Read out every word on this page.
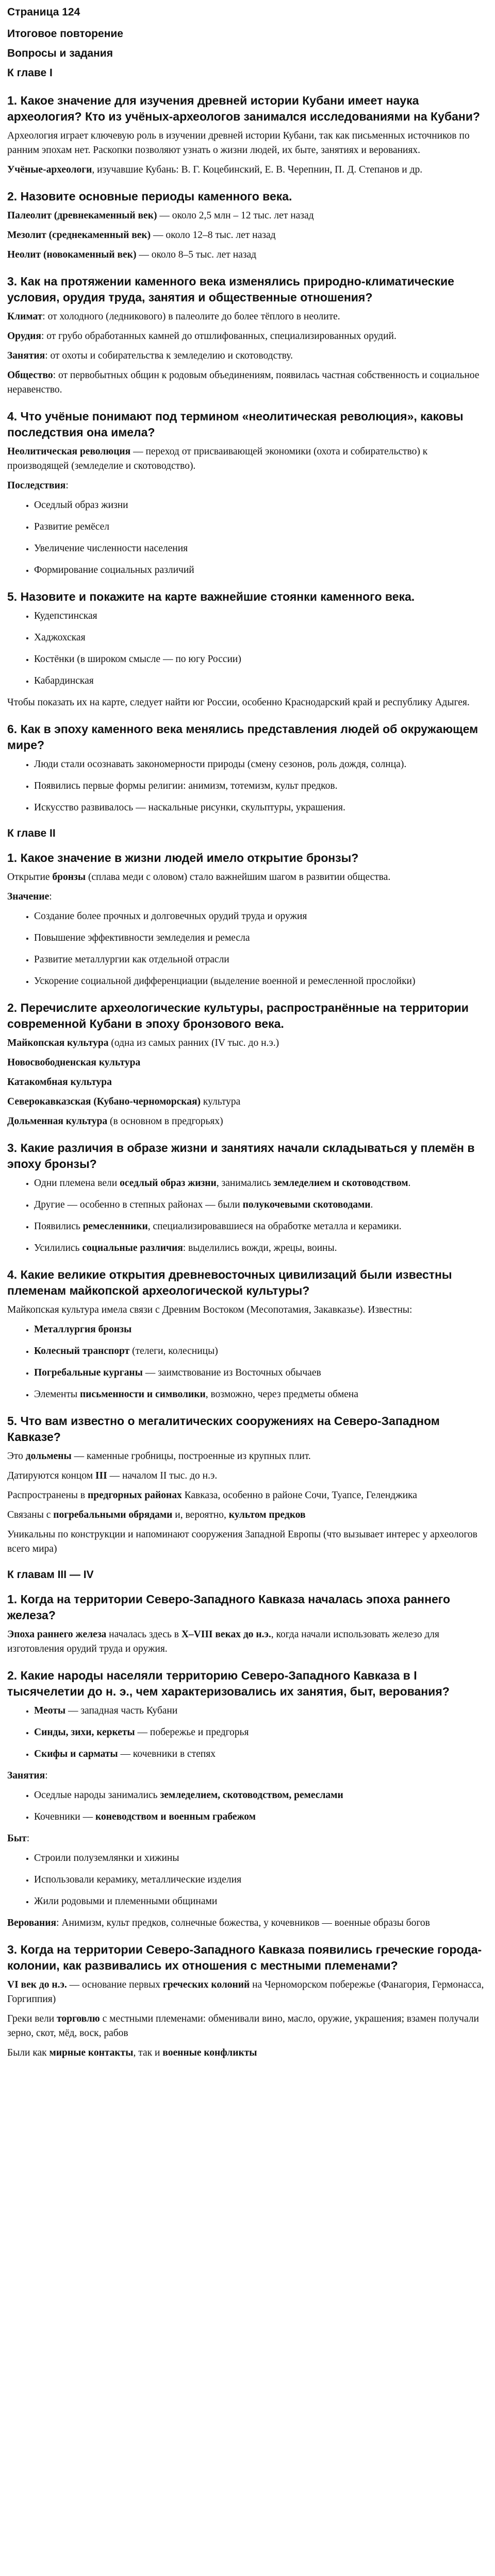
Страница 124
Итоговое повторение
Вопросы и задания
К главе I
1. Какое значение для изучения древней истории Кубани имеет наука археология? Кто из учёных-археологов занимался исследованиями на Кубани?

Археология играет ключевую роль в изучении древней истории Кубани, так как письменных источников по ранним эпохам нет. Раскопки позволяют узнать о жизни людей, их быте, занятиях и верованиях.

Учёные-археологи, изучавшие Кубань: В. Г. Коцебинский, Е. В. Черепнин, П. Д. Степанов и др.

2. Назовите основные периоды каменного века.

Палеолит (древнекаменный век) — около 2,5 млн – 12 тыс. лет назад

Мезолит (среднекаменный век) — около 12–8 тыс. лет назад

Неолит (новокаменный век) — около 8–5 тыс. лет назад

3. Как на протяжении каменного века изменялись природно-климатические условия, орудия труда, занятия и общественные отношения?

Климат: от холодного (ледникового) в палеолите до более тёплого в неолите.

Орудия: от грубо обработанных камней до отшлифованных, специализированных орудий.

Занятия: от охоты и собирательства к земледелию и скотоводству.

Общество: от первобытных общин к родовым объединениям, появилась частная собственность и социальное неравенство.

4. Что учёные понимают под термином «неолитическая революция», каковы последствия она имела?

Неолитическая революция — переход от присваивающей экономики (охота и собирательство) к производящей (земледелие и скотоводство).

Последствия:

• Оседлый образ жизни
• Развитие ремёсел
• Увеличение численности населения
• Формирование социальных различий
5. Назовите и покажите на карте важнейшие стоянки каменного века.
• Кудепстинская
• Хаджохская
• Костёнки (в широком смысле — по югу России)
• Кабардинская

Чтобы показать их на карте, следует найти юг России, особенно Краснодарский край и республику Адыгея.

6. Как в эпоху каменного века менялись представления людей об окружающем мире?
• Люди стали осознавать закономерности природы (смену сезонов, роль дождя, солнца).
• Появились первые формы религии: анимизм, тотемизм, культ предков.
• Искусство развивалось — наскальные рисунки, скульптуры, украшения.
К главе II
1. Какое значение в жизни людей имело открытие бронзы?

Открытие бронзы (сплава меди с оловом) стало важнейшим шагом в развитии общества.

Значение:

• Создание более прочных и долговечных орудий труда и оружия
• Повышение эффективности земледелия и ремесла
• Развитие металлургии как отдельной отрасли
• Ускорение социальной дифференциации (выделение военной и ремесленной прослойки)
2. Перечислите археологические культуры, распространённые на территории современной Кубани в эпоху бронзового века.

Майкопская культура (одна из самых ранних (IV тыс. до н.э.)

Новосвободненская культура

Катакомбная культура

Северокавказская (Кубано-черноморская) культура

Дольменная культура (в основном в предгорьях)

3. Какие различия в образе жизни и занятиях начали складываться у племён в эпоху бронзы?
• Одни племена вели оседлый образ жизни, занимались земледелием и скотоводством.
• Другие — особенно в степных районах — были полукочевыми скотоводами.
• Появились ремесленники, специализировавшиеся на обработке металла и керамики.
• Усилились социальные различия: выделились вожди, жрецы, воины.
4. Какие великие открытия древневосточных цивилизаций были известны племенам майкопской археологической культуры?

Майкопская культура имела связи с Древним Востоком (Месопотамия, Закавказье). Известны:

• Металлургия бронзы
• Колесный транспорт (телеги, колесницы)
• Погребальные курганы — заимствование из Восточных обычаев
• Элементы письменности и символики, возможно, через предметы обмена
5. Что вам известно о мегалитических сооружениях на Северо-Западном Кавказе?

Это дольмены — каменные гробницы, построенные из крупных плит.

Датируются концом III — началом II тыс. до н.э.

Распространены в предгорных районах Кавказа, особенно в районе Сочи, Туапсе, Геленджика

Связаны с погребальными обрядами и, вероятно, культом предков

Уникальны по конструкции и напоминают сооружения Западной Европы (что вызывает интерес у археологов всего мира)

К главам III — IV
1. Когда на территории Северо-Западного Кавказа началась эпоха раннего железа?

Эпоха раннего железа началась здесь в X–VIII веках до н.э., когда начали использовать железо для изготовления орудий труда и оружия.

2. Какие народы населяли территорию Северо-Западного Кавказа в I тысячелетии до н. э., чем характеризовались их занятия, быт, верования?
• Меоты — западная часть Кубани
• Синды, зихи, керкеты — побережье и предгорья
• Скифы и сарматы — кочевники в степях

Занятия:

• Оседлые народы занимались земледелием, скотоводством, ремеслами
• Кочевники — коневодством и военным грабежом

Быт:

• Строили полуземлянки и хижины
• Использовали керамику, металлические изделия
• Жили родовыми и племенными общинами

Верования: Анимизм, культ предков, солнечные божества, у кочевников — военные образы богов

3. Когда на территории Северо-Западного Кавказа появились греческие города-колонии, как развивались их отношения с местными племенами?

VI век до н.э. — основание первых греческих колоний на Черноморском побережье (Фанагория, Гермонасса, Горгиппия)

Греки вели торговлю с местными племенами: обменивали вино, масло, оружие, украшения; взамен получали зерно, скот, мёд, воск, рабов

Были как мирные контакты, так и военные конфликты
